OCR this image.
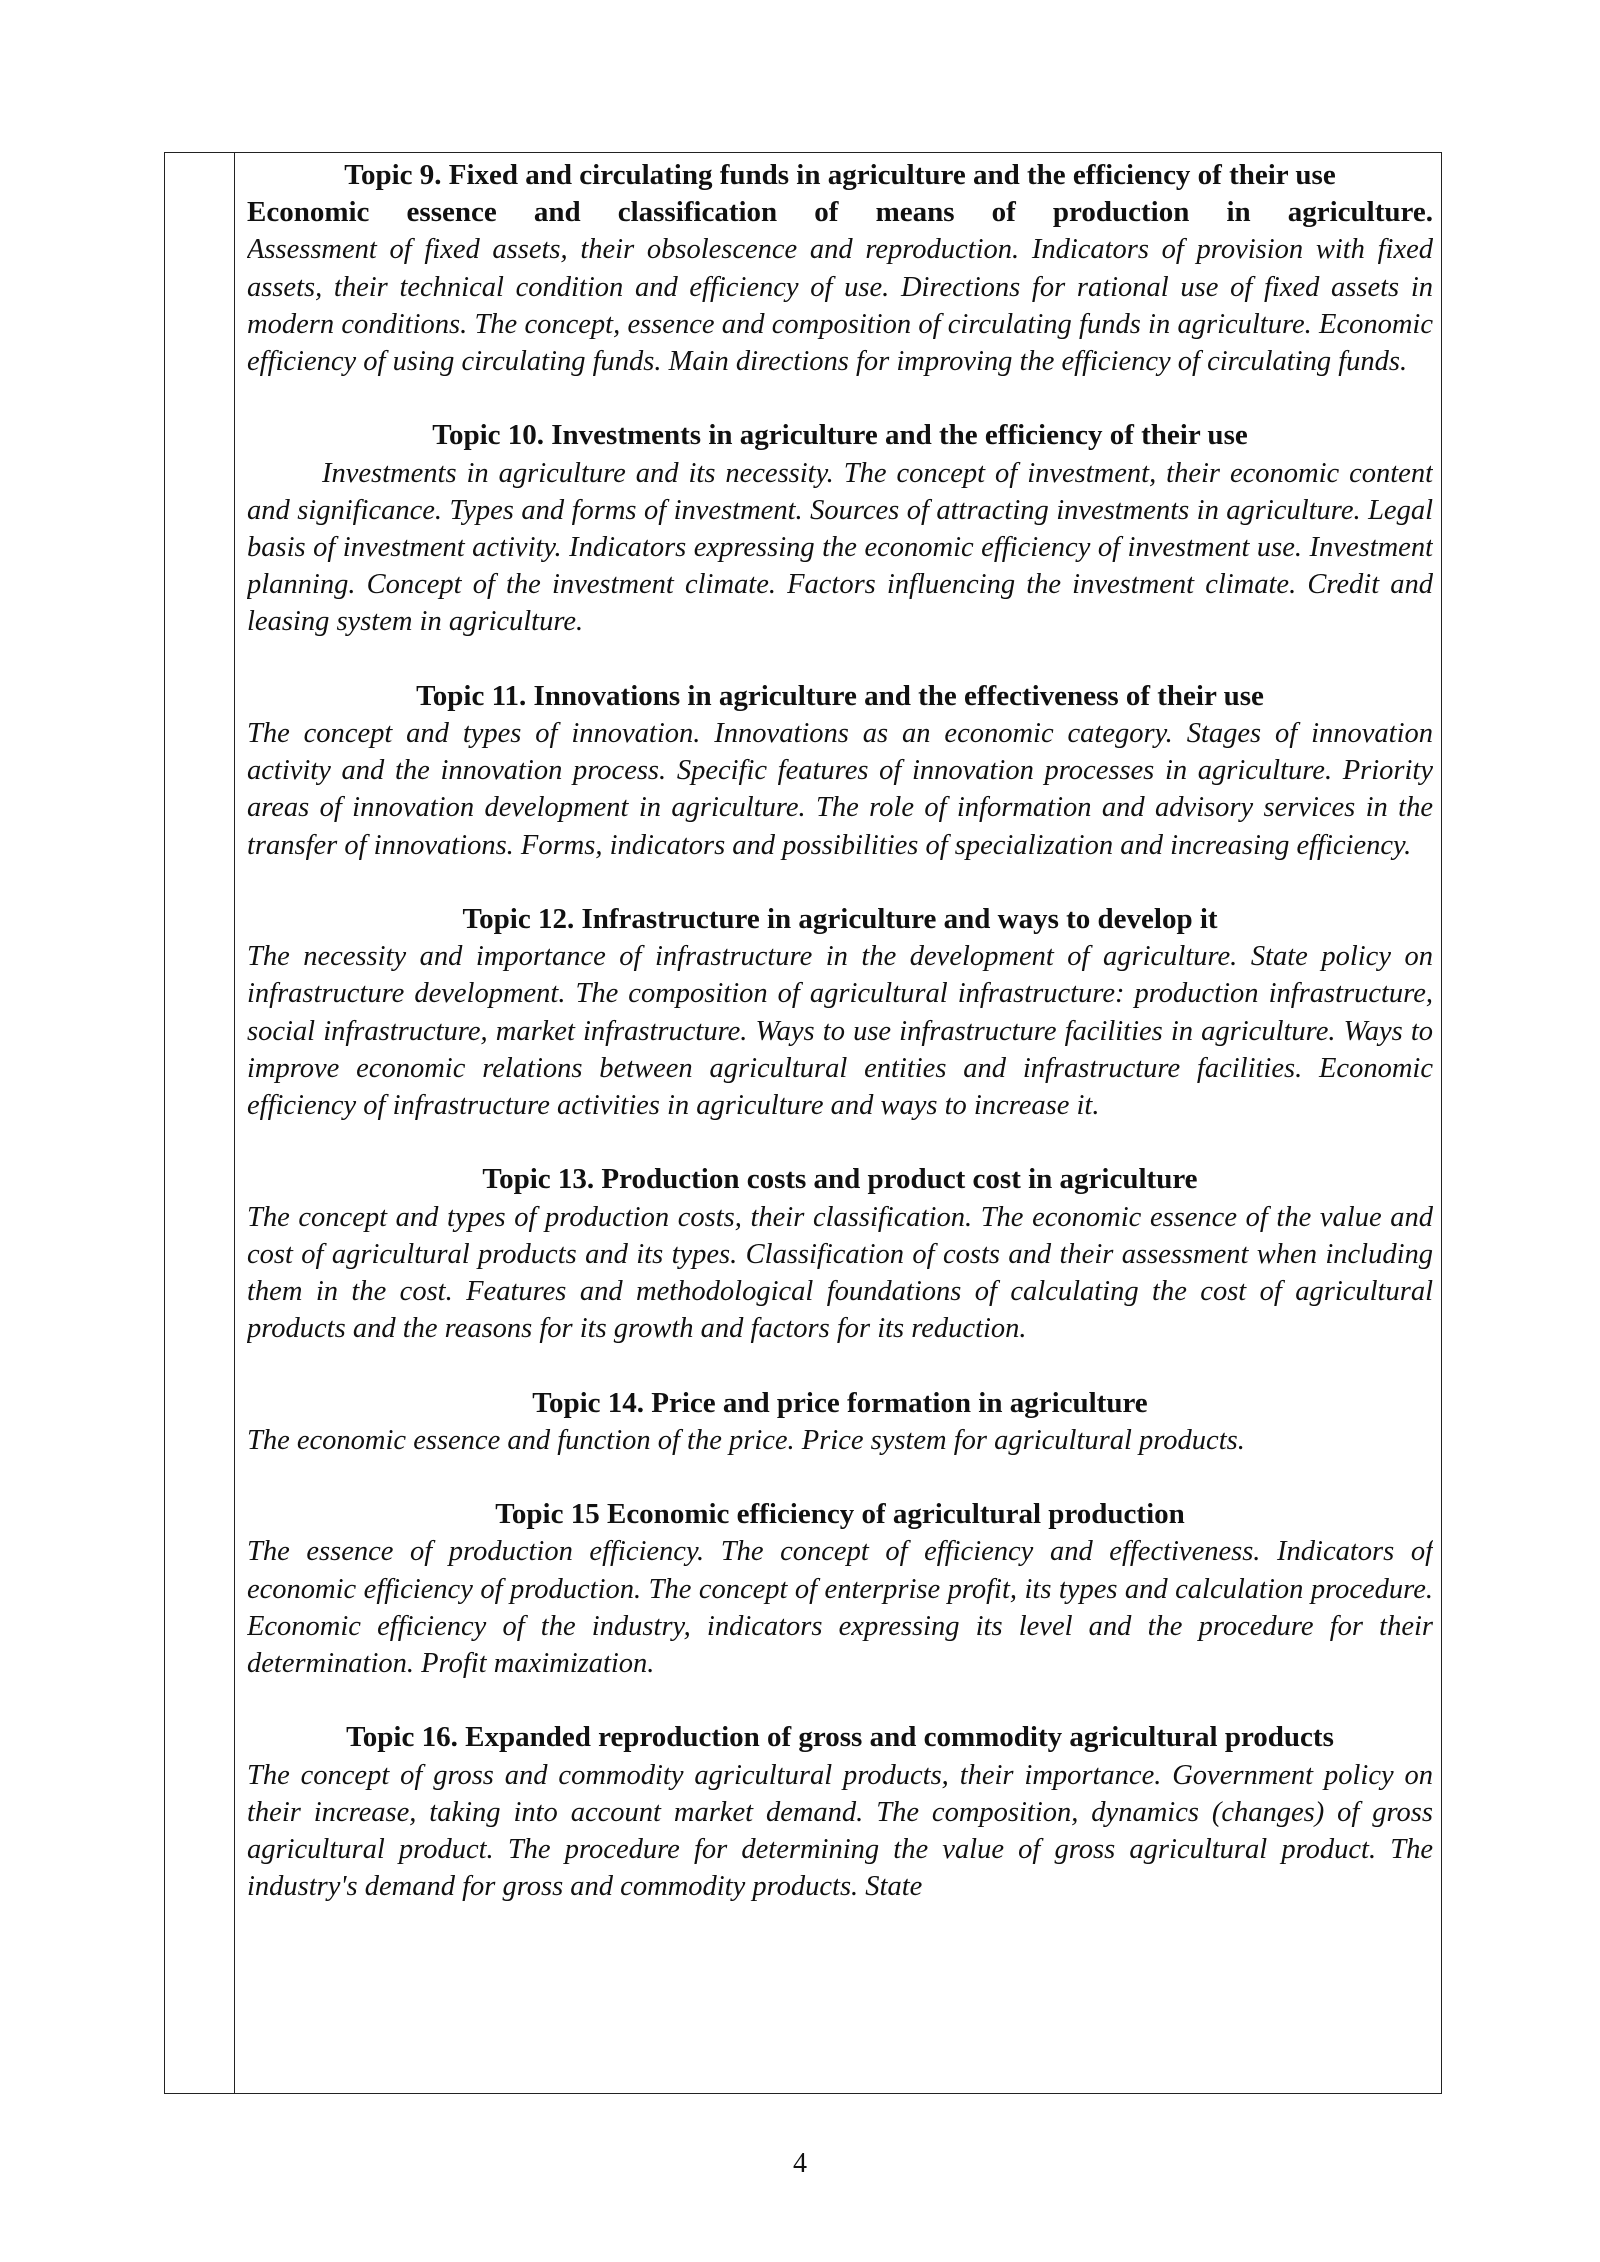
Topic 9. Fixed and circulating funds in agriculture and the efficiency of their use
Economic essence and classification of means of production in agriculture.

Assessment of fixed assets, their obsolescence and reproduction. Indicators of provision with fixed assets, their technical condition and efficiency of use. Directions for rational use of fixed assets in modern conditions. The concept, essence and composition of circulating funds in agriculture. Economic efficiency of using circulating funds. Main directions for improving the efficiency of circulating funds.

Topic 10. Investments in agriculture and the efficiency of their use

Investments in agriculture and its necessity. The concept of investment, their economic content and significance. Types and forms of investment. Sources of attracting investments in agriculture. Legal basis of investment activity. Indicators expressing the economic efficiency of investment use. Investment planning. Concept of the investment climate. Factors influencing the investment climate. Credit and leasing system in agriculture.

Topic 11. Innovations in agriculture and the effectiveness of their use

The concept and types of innovation. Innovations as an economic category. Stages of innovation activity and the innovation process. Specific features of innovation processes in agriculture. Priority areas of innovation development in agriculture. The role of information and advisory services in the transfer of innovations. Forms, indicators and possibilities of specialization and increasing efficiency.

Topic 12. Infrastructure in agriculture and ways to develop it

The necessity and importance of infrastructure in the development of agriculture. State policy on infrastructure development. The composition of agricultural infrastructure: production infrastructure, social infrastructure, market infrastructure. Ways to use infrastructure facilities in agriculture. Ways to improve economic relations between agricultural entities and infrastructure facilities. Economic efficiency of infrastructure activities in agriculture and ways to increase it.

Topic 13. Production costs and product cost in agriculture

The concept and types of production costs, their classification. The economic essence of the value and cost of agricultural products and its types. Classification of costs and their assessment when including them in the cost. Features and methodological foundations of calculating the cost of agricultural products and the reasons for its growth and factors for its reduction.

Topic 14. Price and price formation in agriculture

The economic essence and function of the price. Price system for agricultural products.

Topic 15 Economic efficiency of agricultural production

The essence of production efficiency. The concept of efficiency and effectiveness. Indicators of economic efficiency of production. The concept of enterprise profit, its types and calculation procedure. Economic efficiency of the industry, indicators expressing its level and the procedure for their determination. Profit maximization.

Topic 16. Expanded reproduction of gross and commodity agricultural products

The concept of gross and commodity agricultural products, their importance. Government policy on their increase, taking into account market demand. The composition, dynamics (changes) of gross agricultural product. The procedure for determining the value of gross agricultural product. The industry's demand for gross and commodity products. State

4
